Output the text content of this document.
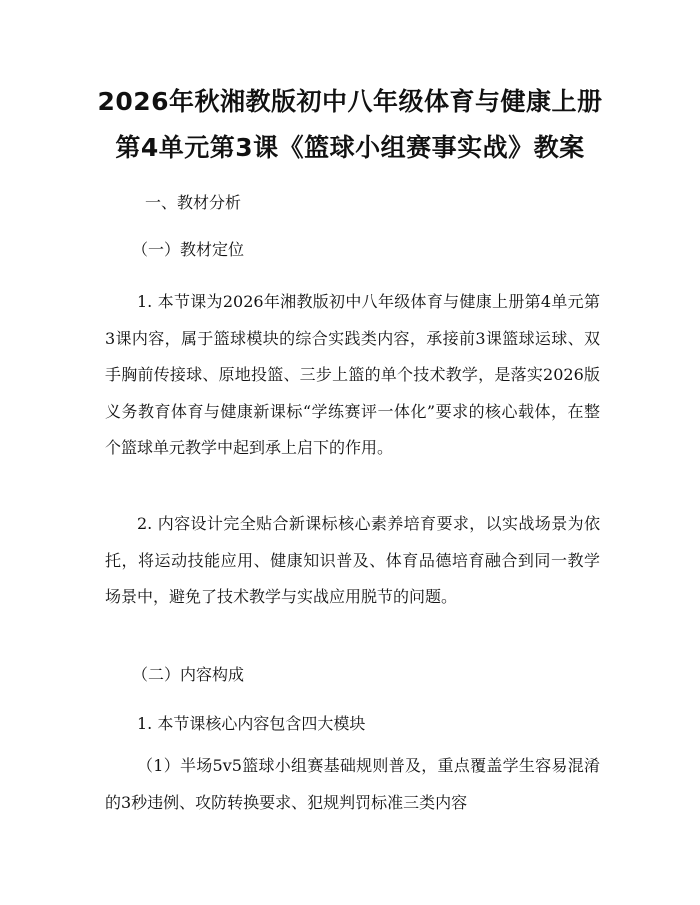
2026年秋湘教版初中八年级体育与健康上册
第4单元第3课《篮球小组赛事实战》教案
一、教材分析
（一）教材定位

1. 本节课为2026年湘教版初中八年级体育与健康上册第4单元第3课内容，属于篮球模块的综合实践类内容，承接前3课篮球运球、双手胸前传接球、原地投篮、三步上篮的单个技术教学，是落实2026版义务教育体育与健康新课标“学练赛评一体化”要求的核心载体，在整个篮球单元教学中起到承上启下的作用。

2. 内容设计完全贴合新课标核心素养培育要求，以实战场景为依托，将运动技能应用、健康知识普及、体育品德培育融合到同一教学场景中，避免了技术教学与实战应用脱节的问题。

（二）内容构成

1. 本节课核心内容包含四大模块

（1）半场5v5篮球小组赛基础规则普及，重点覆盖学生容易混淆的3秒违例、攻防转换要求、犯规判罚标准三类内容
